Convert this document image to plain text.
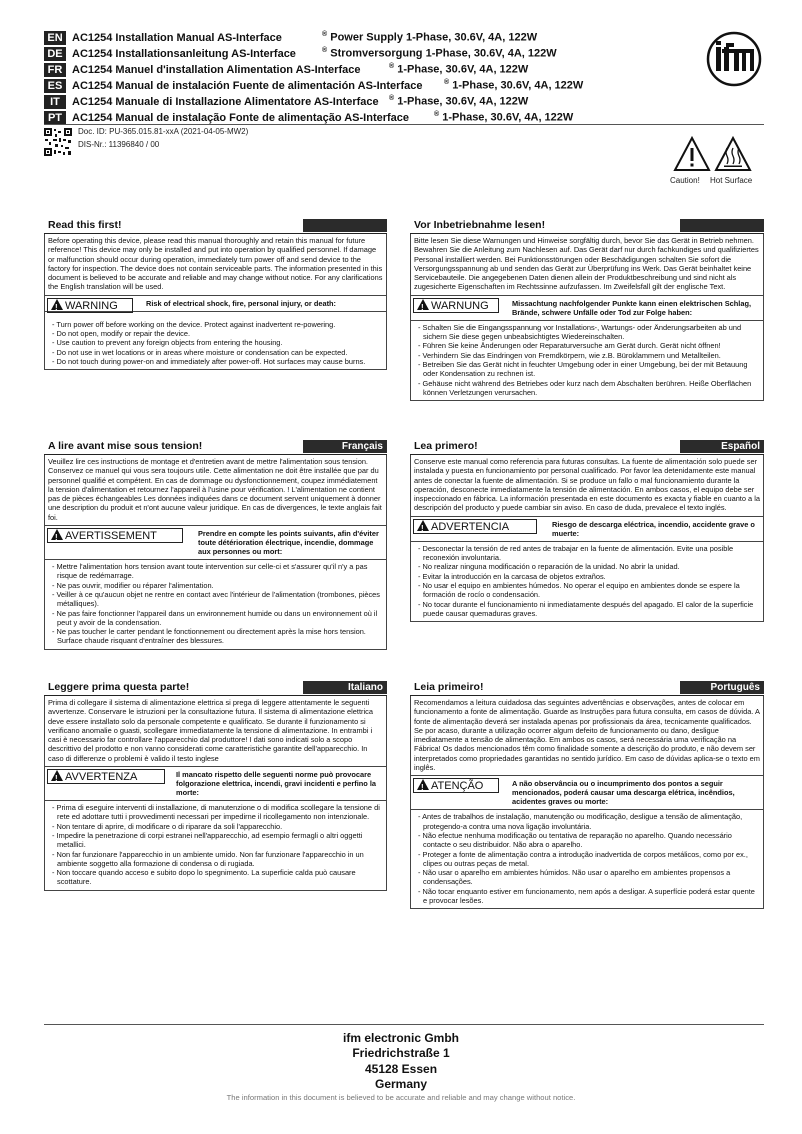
EN AC1254 Installation Manual AS-Interface	® Power Supply 1-Phase, 30.6V, 4A, 122W
DE AC1254 Installationsanleitung AS-Interface	® Stromversorgung 1-Phase, 30.6V, 4A, 122W
FR AC1254 Manuel d'installation Alimentation AS-Interface	® 1-Phase, 30.6V, 4A, 122W
ES AC1254 Manual de instalación Fuente de alimentación AS-Interface	® 1-Phase, 30.6V, 4A, 122W
IT AC1254 Manuale di Installazione Alimentatore AS-Interface ® 1-Phase, 30.6V, 4A, 122W
PT AC1254 Manual de instalação Fonte de alimentação AS-Interface	® 1-Phase, 30.6V, 4A, 122W
Doc. ID: PU-365.015.81-xxA (2021-04-05-MW2)
DIS-Nr.: 11396840 / 00
Caution! Hot Surface
Read this first!

Before operating this device, please read this manual thoroughly and retain this manual for future reference! This device may only be installed and put into operation by qualified personnel. If damage or malfunction should occur during operation, immediately turn power off and send device to the factory for inspection. The device does not contain serviceable parts. The information presented in this document is believed to be accurate and reliable and may change without notice. For any clarifications the English translation will be used.

! WARNING	Risk of electrical shock, fire, personal injury, or death:
- Turn power off before working on the device. Protect against inadvertent re-powering.
- Do not open, modify or repair the device.
- Use caution to prevent any foreign objects from entering the housing.
- Do not use in wet locations or in areas where moisture or condensation can be expected.
- Do not touch during power-on and immediately after power-off. Hot surfaces may cause burns.
Vor Inbetriebnahme lesen!

Bitte lesen Sie diese Warnungen und Hinweise sorgfältig durch, bevor Sie das Gerät in Betrieb nehmen. Bewahren Sie die Anleitung zum Nachlesen auf. Das Gerät darf nur durch fachkundiges und qualifiziertes Personal installiert werden. Bei Funktionsstörungen oder Beschädigungen schalten Sie sofort die Versorgungsspannung ab und senden das Gerät zur Überprüfung ins Werk. Das Gerät beinhaltet keine Servicebauteile. Die angegebenen Daten dienen allein der Produktbeschreibung und sind nicht als zugesicherte Eigenschaften im Rechtssinne aufzufassen. Im Zweifelsfall gilt der englische Text.

! WARNUNG	Missachtung nachfolgender Punkte kann einen elektrischen Schlag, Brände, schwere Unfälle oder Tod zur Folge haben:
- Schalten Sie die Eingangsspannung vor Installations-, Wartungs- oder Änderungsarbeiten ab und sichern Sie diese gegen unbeabsichtigtes Wiedereinschalten.
- Führen Sie keine Änderungen oder Reparaturversuche am Gerät durch. Gerät nicht öffnen!
- Verhindern Sie das Eindringen von Fremdkörpern, wie z.B. Büroklammern und Metallteilen.
- Betreiben Sie das Gerät nicht in feuchter Umgebung oder in einer Umgebung, bei der mit Betauung oder Kondensation zu rechnen ist.
- Gehäuse nicht während des Betriebes oder kurz nach dem Abschalten berühren. Heiße Oberflächen können Verletzungen verursachen.
A lire avant mise sous tension!	Français

Veuillez lire ces instructions de montage et d'entretien avant de mettre l'alimentation sous tension. Conservez ce manuel qui vous sera toujours utile. Cette alimentation ne doit être installée que par du personnel qualifié et compétent. En cas de dommage ou dysfonctionnement, coupez immédiatement la tension d'alimentation et retournez l'appareil à l'usine pour vérification. ! L'alimentation ne contient pas de pièces échangeables Les données indiquées dans ce document servent uniquement à donner une description du produit et n'ont aucune valeur juridique. En cas de divergences, le texte anglais fait foi.

! AVERTISSEMENT	Prendre en compte les points suivants, afin d'éviter toute détérioration électrique, incendie, dommage aux personnes ou mort:
- Mettre l'alimentation hors tension avant toute intervention sur celle-ci et s'assurer qu'il n'y a pas risque de redémarrage.
- Ne pas ouvrir, modifier ou réparer l'alimentation.
- Veiller à ce qu'aucun objet ne rentre en contact avec l'intérieur de l'alimentation (trombones, pièces métalliques).
- Ne pas faire fonctionner l'appareil dans un environnement humide ou dans un environnement où il peut y avoir de la condensation.
- Ne pas toucher le carter pendant le fonctionnement ou directement après la mise hors tension. Surface chaude risquant d'entraîner des blessures.
Lea primero!	Español

Conserve este manual como referencia para futuras consultas. La fuente de alimentación solo puede ser instalada y puesta en funcionamiento por personal cualificado. Por favor lea detenidamente este manual antes de conectar la fuente de alimentación. Si se produce un fallo o mal funcionamiento durante la operación, desconecte inmediatamente la tensión de alimentación. En ambos casos, el equipo debe ser inspeccionado en fábrica. La información presentada en este documento es exacta y fiable en cuanto a la descripción del producto y puede cambiar sin aviso. En caso de duda, prevalece el texto inglés.

! ADVERTENCIA	Riesgo de descarga eléctrica, incendio, accidente grave o muerte:
- Desconectar la tensión de red antes de trabajar en la fuente de alimentación. Evite una posible reconexión involuntaria.
- No realizar ninguna modificación o reparación de la unidad. No abrir la unidad.
- Evitar la introducción en la carcasa de objetos extraños.
- No usar el equipo en ambientes húmedos. No operar el equipo en ambientes donde se espere la formación de rocío o condensación.
- No tocar durante el funcionamiento ni inmediatamente después del apagado. El calor de la superficie puede causar quemaduras graves.
Leggere prima questa parte!	Italiano

Prima di collegare il sistema di alimentazione elettrica si prega di leggere attentamente le seguenti avvertenze. Conservare le istruzioni per la consultazione futura. Il sistema di alimentazione elettrica deve essere installato solo da personale competente e qualificato. Se durante il funzionamento si verificano anomalie o guasti, scollegare immediatamente la tensione di alimentazione. In entrambi i casi è necessario far controllare l'apparecchio dal produttore! I dati sono indicati solo a scopo descrittivo del prodotto e non vanno considerati come caratteristiche garantite dell'apparecchio. In caso di differenze o problemi è valido il testo inglese

! AVVERTENZA	Il mancato rispetto delle seguenti norme può provocare folgorazione elettrica, incendi, gravi incidenti e perfino la morte:
- Prima di eseguire interventi di installazione, di manutenzione o di modifica scollegare la tensione di rete ed adottare tutti i provvedimenti necessari per impedirne il ricollegamento non intenzionale.
- Non tentare di aprire, di modificare o di riparare da soli l'apparecchio.
- Impedire la penetrazione di corpi estranei nell'apparecchio, ad esempio fermagli o altri oggetti metallici.
- Non far funzionare l'apparecchio in un ambiente umido. Non far funzionare l'apparecchio in un ambiente soggetto alla formazione di condensa o di rugiada.
- Non toccare quando acceso e subito dopo lo spegnimento. La superficie calda può causare scottature.
Leia primeiro!	Português

Recomendamos a leitura cuidadosa das seguintes advertências e observações, antes de colocar em funcionamento a fonte de alimentação. Guarde as Instruções para futura consulta, em casos de dúvida. A fonte de alimentação deverá ser instalada apenas por profissionais da área, tecnicamente qualificados. Se por acaso, durante a utilização ocorrer algum defeito de funcionamento ou dano, desligue imediatamente a tensão de alimentação. Em ambos os casos, será necessária uma verificação na Fábrica! Os dados mencionados têm como finalidade somente a descrição do produto, e não devem ser interpretados como propriedades garantidas no sentido jurídico. Em caso de dúvidas aplica-se o texto em inglês.

! ATENÇÃO	A não observância ou o incumprimento dos pontos a seguir mencionados, poderá causar uma descarga elétrica, incêndios, acidentes graves ou morte:
- Antes de trabalhos de instalação, manutenção ou modificação, desligue a tensão de alimentação, protegendo-a contra uma nova ligação involuntária.
- Não efectue nenhuma modificação ou tentativa de reparação no aparelho. Quando necessário contacte o seu distribuidor. Não abra o aparelho.
- Proteger a fonte de alimentação contra a introdução inadvertida de corpos metálicos, como por ex., clipes ou outras peças de metal.
- Não usar o aparelho em ambientes húmidos. Não usar o aparelho em ambientes propensos a condensações.
- Não tocar enquanto estiver em funcionamento, nem após a desligar. A superfície poderá estar quente e provocar lesões.
ifm electronic Gmbh
Friedrichstraße 1
45128 Essen
Germany
The information in this document is believed to be accurate and reliable and may change without notice.
